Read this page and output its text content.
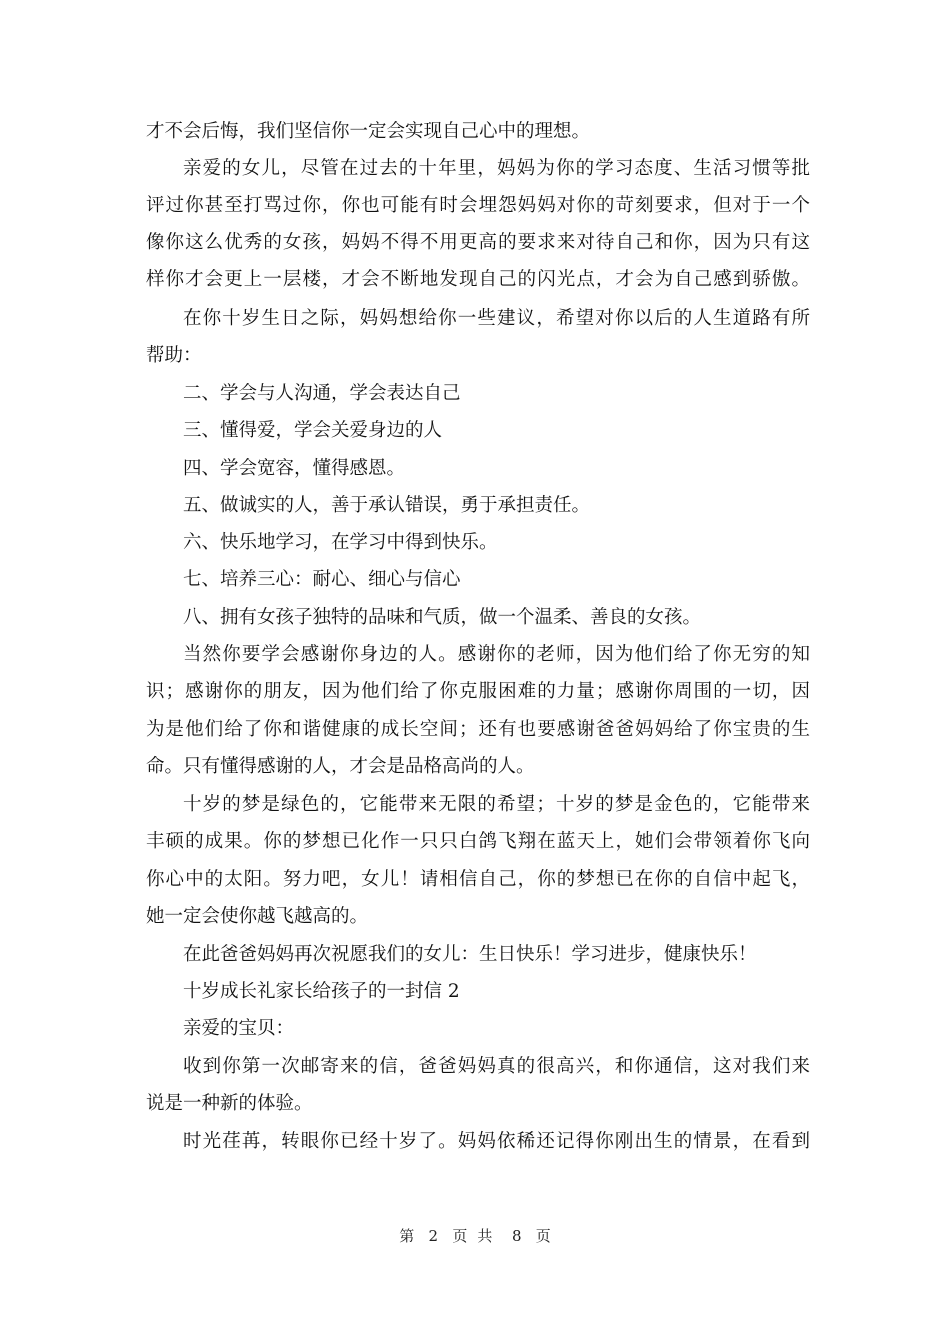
才不会后悔，我们坚信你一定会实现自己心中的理想。
亲爱的女儿，尽管在过去的十年里，妈妈为你的学习态度、生活习惯等批
评过你甚至打骂过你，你也可能有时会埋怨妈妈对你的苛刻要求，但对于一个
像你这么优秀的女孩，妈妈不得不用更高的要求来对待自己和你，因为只有这
样你才会更上一层楼，才会不断地发现自己的闪光点，才会为自己感到骄傲。
在你十岁生日之际，妈妈想给你一些建议，希望对你以后的人生道路有所
帮助：
二、学会与人沟通，学会表达自己
三、懂得爱，学会关爱身边的人
四、学会宽容，懂得感恩。
五、做诚实的人，善于承认错误，勇于承担责任。
六、快乐地学习，在学习中得到快乐。
七、培养三心：耐心、细心与信心
八、拥有女孩子独特的品味和气质，做一个温柔、善良的女孩。
当然你要学会感谢你身边的人。感谢你的老师，因为他们给了你无穷的知
识；感谢你的朋友，因为他们给了你克服困难的力量；感谢你周围的一切，因
为是他们给了你和谐健康的成长空间；还有也要感谢爸爸妈妈给了你宝贵的生
命。只有懂得感谢的人，才会是品格高尚的人。
十岁的梦是绿色的，它能带来无限的希望；十岁的梦是金色的，它能带来
丰硕的成果。你的梦想已化作一只只白鸽飞翔在蓝天上，她们会带领着你飞向
你心中的太阳。努力吧，女儿！请相信自己，你的梦想已在你的自信中起飞，
她一定会使你越飞越高的。
在此爸爸妈妈再次祝愿我们的女儿：生日快乐！学习进步，健康快乐！
十岁成长礼家长给孩子的一封信 2
亲爱的宝贝：
收到你第一次邮寄来的信，爸爸妈妈真的很高兴，和你通信，这对我们来
说是一种新的体验。
时光荏苒，转眼你已经十岁了。妈妈依稀还记得你刚出生的情景，在看到
第 2 页共 8 页
